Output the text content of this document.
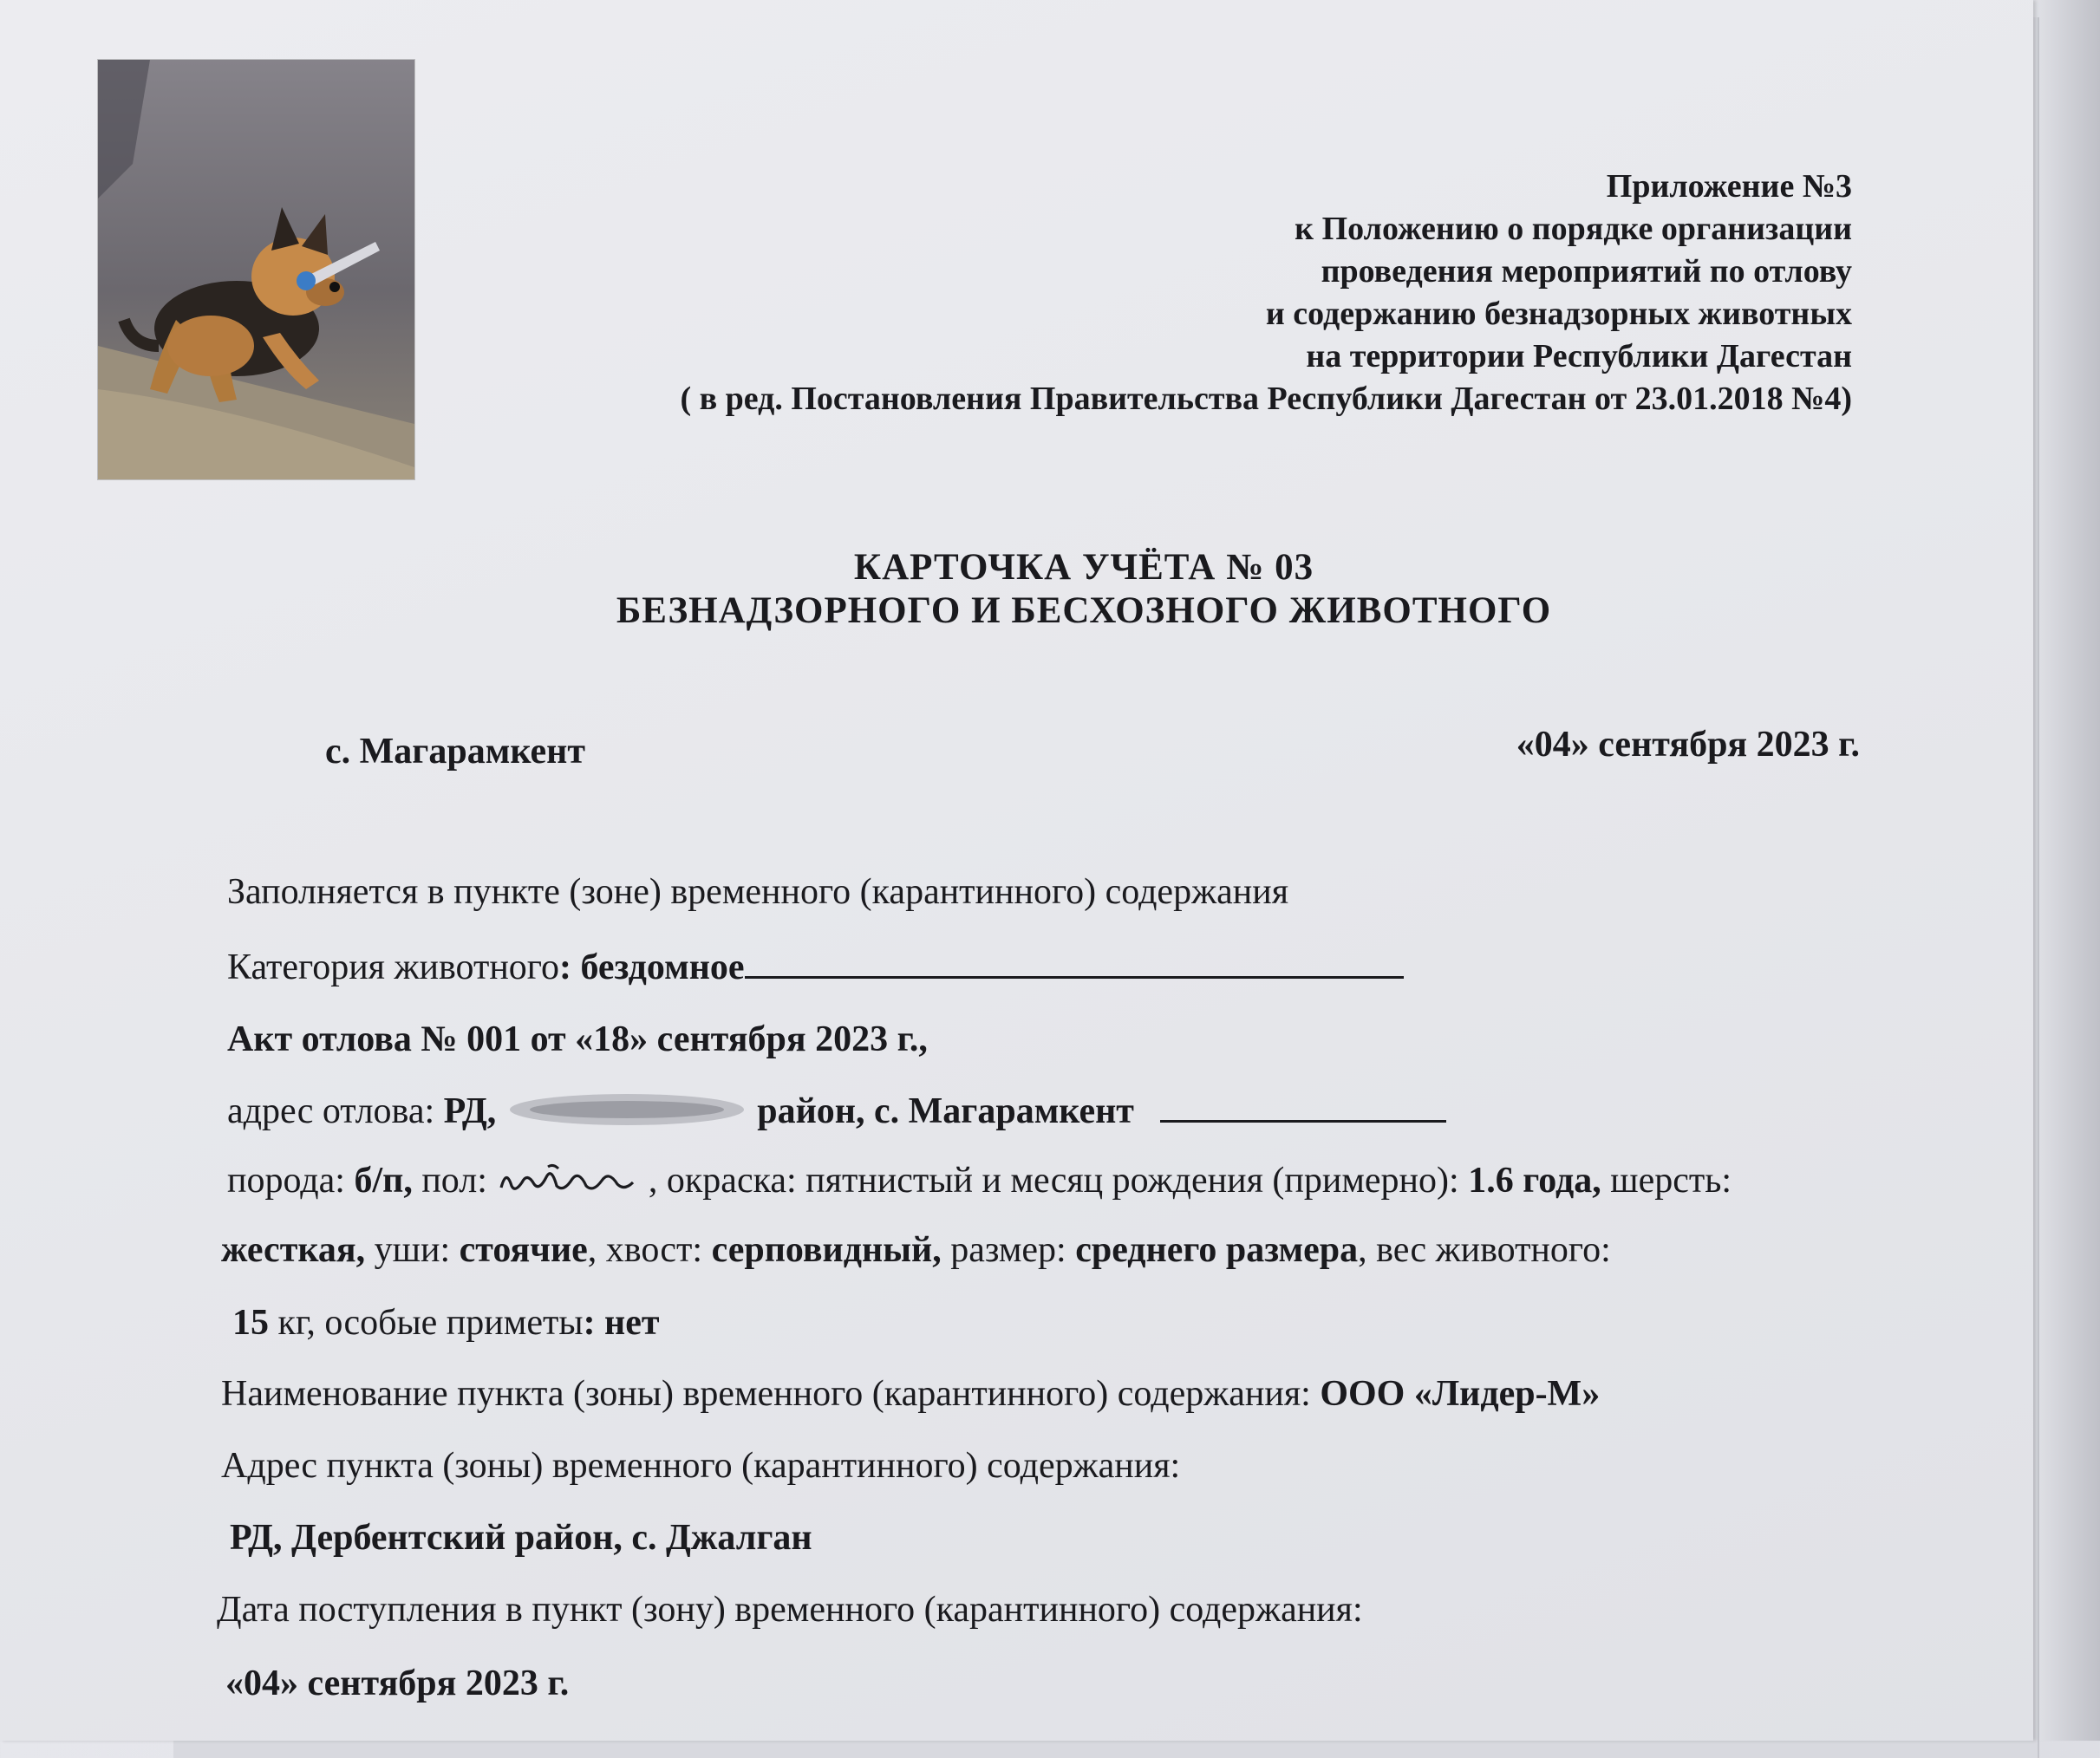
Приложение №3
к Положению о порядке организации
проведения мероприятий по отлову
и содержанию безнадзорных животных
на территории Республики Дагестан
( в ред. Постановления Правительства Республики Дагестан от 23.01.2018 №4)
КАРТОЧКА УЧЁТА № 03
БЕЗНАДЗОРНОГО И БЕСХОЗНОГО ЖИВОТНОГО
с. Магарамкент	«04» сентября 2023 г.
Заполняется в пункте (зоне) временного (карантинного) содержания
Категория животного: бездомное
Акт отлова № 001 от «18» сентября 2023 г.,
адрес отлова: РД,	район, с. Магарамкент
порода: б/п, пол:	, окраска: пятнистый и месяц рождения (примерно): 1.6 года, шерсть:
жесткая, уши: стоячие, хвост: серповидный, размер: среднего размера, вес животного:
15 кг, особые приметы: нет
Наименование пункта (зоны) временного (карантинного) содержания: ООО «Лидер-М»
Адрес пункта (зоны) временного (карантинного) содержания:
РД, Дербентский район, с. Джалган
Дата поступления в пункт (зону) временного (карантинного) содержания:
«04» сентября 2023 г.
